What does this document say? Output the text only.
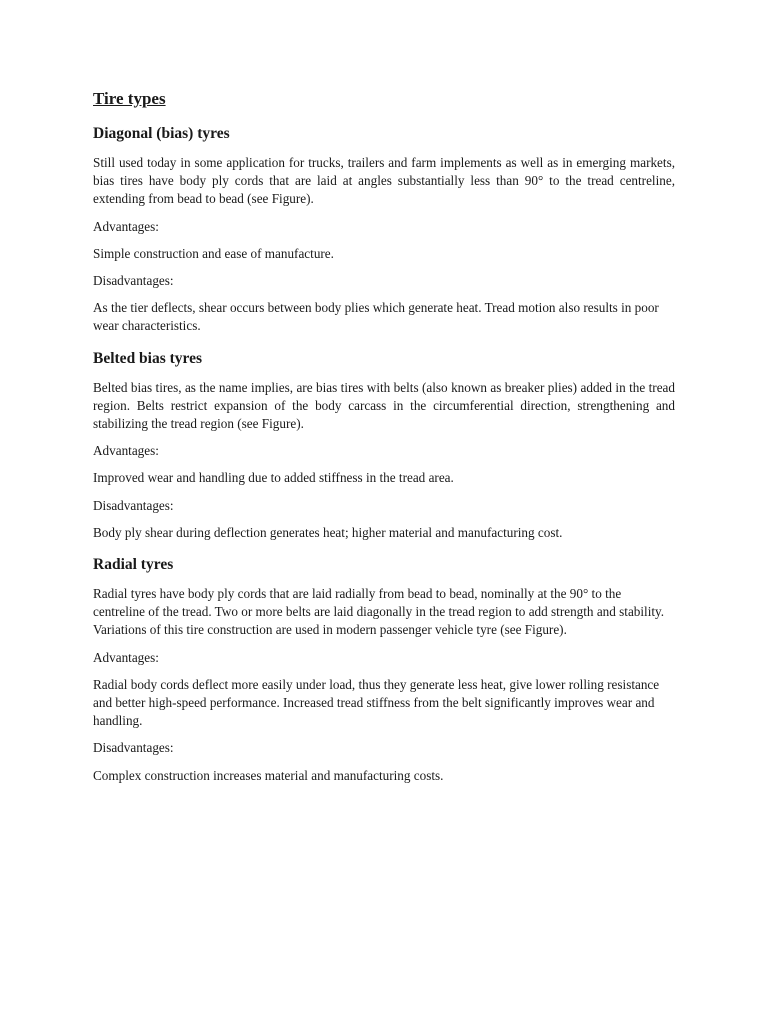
Tire types
Diagonal (bias) tyres

Still used today in some application for trucks, trailers and farm implements as well as in emerging markets, bias tires have body ply cords that are laid at angles substantially less than 90° to the tread centreline, extending from bead to bead (see Figure).

Advantages:

Simple construction and ease of manufacture.

Disadvantages:

As the tier deflects, shear occurs between body plies which generate heat. Tread motion also results in poor wear characteristics.

Belted bias tyres

Belted bias tires, as the name implies, are bias tires with belts (also known as breaker plies) added in the tread region. Belts restrict expansion of the body carcass in the circumferential direction, strengthening and stabilizing the tread region (see Figure).

Advantages:

Improved wear and handling due to added stiffness in the tread area.

Disadvantages:

Body ply shear during deflection generates heat; higher material and manufacturing cost.

Radial tyres

Radial tyres have body ply cords that are laid radially from bead to bead, nominally at the 90° to the centreline of the tread. Two or more belts are laid diagonally in the tread region to add strength and stability. Variations of this tire construction are used in modern passenger vehicle tyre (see Figure).

Advantages:

Radial body cords deflect more easily under load, thus they generate less heat, give lower rolling resistance and better high-speed performance. Increased tread stiffness from the belt significantly improves wear and handling.

Disadvantages:

Complex construction increases material and manufacturing costs.
